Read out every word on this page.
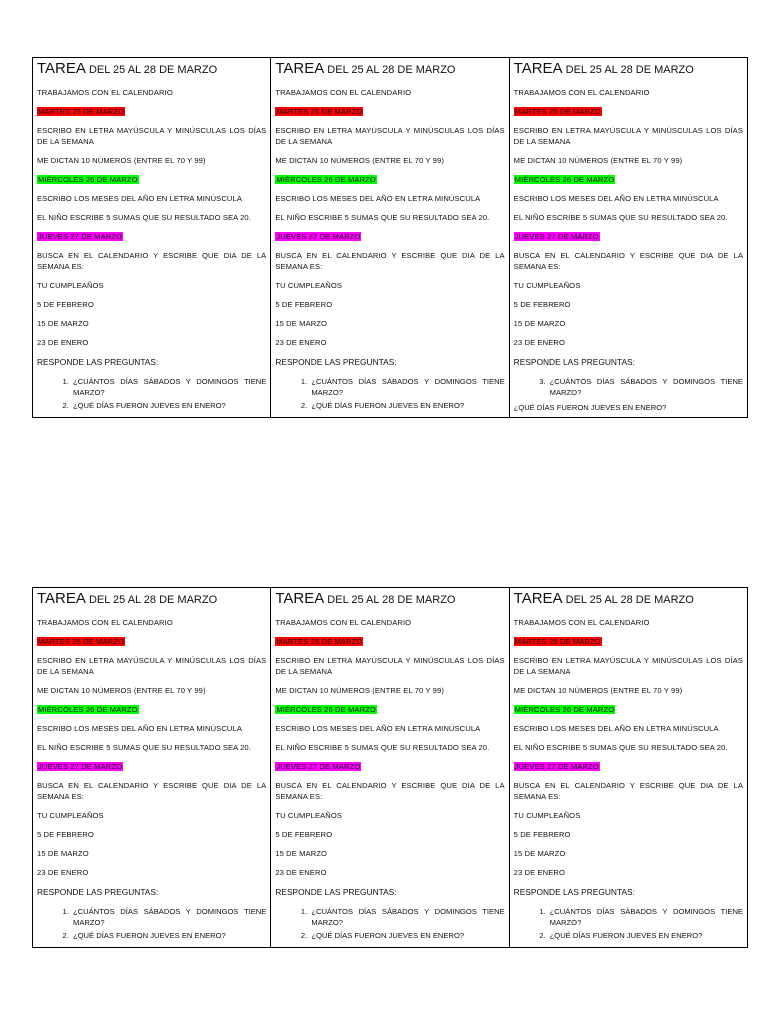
TAREA DEL 25 AL 28 DE MARZO
TRABAJAMOS CON EL CALENDARIO
MARTES 25 DE MARZO
ESCRIBO EN LETRA MAYÚSCULA Y MINÚSCULAS LOS DÍAS DE LA SEMANA
ME DICTAN 10 NÚMEROS (ENTRE EL 70 Y 99)
MIÉRCOLES 26 DE MARZO
ESCRIBO LOS MESES DEL AÑO EN LETRA MINÚSCULA
EL NIÑO ESCRIBE 5 SUMAS QUE SU RESULTADO SEA 20.
JUEVES 27 DE MARZO
BUSCA EN EL CALENDARIO Y ESCRIBE QUE DIA DE LA SEMANA ES:
TU CUMPLEAÑOS
5 DE FEBRERO
15 DE MARZO
23 DE ENERO
RESPONDE LAS PREGUNTAS:
1. ¿CUÁNTOS DÍAS SÁBADOS Y DOMINGOS TIENE MARZO?
2. ¿QUÉ DÍAS FUERON JUEVES EN ENERO?

TAREA DEL 25 AL 28 DE MARZO
TRABAJAMOS CON EL CALENDARIO
MARTES 25 DE MARZO
ESCRIBO EN LETRA MAYÚSCULA Y MINÚSCULAS LOS DÍAS DE LA SEMANA
ME DICTAN 10 NÚMEROS (ENTRE EL 70 Y 99)
MIÉRCOLES 26 DE MARZO
ESCRIBO LOS MESES DEL AÑO EN LETRA MINÚSCULA
EL NIÑO ESCRIBE 5 SUMAS QUE SU RESULTADO SEA 20.
JUEVES 27 DE MARZO
BUSCA EN EL CALENDARIO Y ESCRIBE QUE DIA DE LA SEMANA ES:
TU CUMPLEAÑOS
5 DE FEBRERO
15 DE MARZO
23 DE ENERO
RESPONDE LAS PREGUNTAS:
1. ¿CUÁNTOS DÍAS SÁBADOS Y DOMINGOS TIENE MARZO?
2. ¿QUÉ DÍAS FUERON JUEVES EN ENERO?

TAREA DEL 25 AL 28 DE MARZO
TRABAJAMOS CON EL CALENDARIO
MARTES 25 DE MARZO
ESCRIBO EN LETRA MAYÚSCULA Y MINÚSCULAS LOS DÍAS DE LA SEMANA
ME DICTAN 10 NÚMEROS (ENTRE EL 70 Y 99)
MIÉRCOLES 26 DE MARZO
ESCRIBO LOS MESES DEL AÑO EN LETRA MINÚSCULA
EL NIÑO ESCRIBE 5 SUMAS QUE SU RESULTADO SEA 20.
JUEVES 27 DE MARZO
BUSCA EN EL CALENDARIO Y ESCRIBE QUE DIA DE LA SEMANA ES:
TU CUMPLEAÑOS
5 DE FEBRERO
15 DE MARZO
23 DE ENERO
RESPONDE LAS PREGUNTAS:
3. ¿CUÁNTOS DÍAS SÁBADOS Y DOMINGOS TIENE MARZO?
¿QUÉ DÍAS FUERON JUEVES EN ENERO?
TAREA DEL 25 AL 28 DE MARZO
TRABAJAMOS CON EL CALENDARIO
MARTES 25 DE MARZO
ESCRIBO EN LETRA MAYÚSCULA Y MINÚSCULAS LOS DÍAS DE LA SEMANA
ME DICTAN 10 NÚMEROS (ENTRE EL 70 Y 99)
MIÉRCOLES 26 DE MARZO
ESCRIBO LOS MESES DEL AÑO EN LETRA MINÚSCULA
EL NIÑO ESCRIBE 5 SUMAS QUE SU RESULTADO SEA 20.
JUEVES 27 DE MARZO
BUSCA EN EL CALENDARIO Y ESCRIBE QUE DIA DE LA SEMANA ES:
TU CUMPLEAÑOS
5 DE FEBRERO
15 DE MARZO
23 DE ENERO
RESPONDE LAS PREGUNTAS:
1. ¿CUÁNTOS DÍAS SÁBADOS Y DOMINGOS TIENE MARZO?
2. ¿QUÉ DÍAS FUERON JUEVES EN ENERO?

TAREA DEL 25 AL 28 DE MARZO
TRABAJAMOS CON EL CALENDARIO
MARTES 25 DE MARZO
ESCRIBO EN LETRA MAYÚSCULA Y MINÚSCULAS LOS DÍAS DE LA SEMANA
ME DICTAN 10 NÚMEROS (ENTRE EL 70 Y 99)
MIÉRCOLES 26 DE MARZO
ESCRIBO LOS MESES DEL AÑO EN LETRA MINÚSCULA
EL NIÑO ESCRIBE 5 SUMAS QUE SU RESULTADO SEA 20.
JUEVES 27 DE MARZO
BUSCA EN EL CALENDARIO Y ESCRIBE QUE DIA DE LA SEMANA ES:
TU CUMPLEAÑOS
5 DE FEBRERO
15 DE MARZO
23 DE ENERO
RESPONDE LAS PREGUNTAS:
1. ¿CUÁNTOS DÍAS SÁBADOS Y DOMINGOS TIENE MARZO?
2. ¿QUÉ DÍAS FUERON JUEVES EN ENERO?

TAREA DEL 25 AL 28 DE MARZO
TRABAJAMOS CON EL CALENDARIO
MARTES 25 DE MARZO
ESCRIBO EN LETRA MAYÚSCULA Y MINÚSCULAS LOS DÍAS DE LA SEMANA
ME DICTAN 10 NÚMEROS (ENTRE EL 70 Y 99)
MIÉRCOLES 26 DE MARZO
ESCRIBO LOS MESES DEL AÑO EN LETRA MINÚSCULA
EL NIÑO ESCRIBE 5 SUMAS QUE SU RESULTADO SEA 20.
JUEVES 27 DE MARZO
BUSCA EN EL CALENDARIO Y ESCRIBE QUE DIA DE LA SEMANA ES:
TU CUMPLEAÑOS
5 DE FEBRERO
15 DE MARZO
23 DE ENERO
RESPONDE LAS PREGUNTAS:
1. ¿CUÁNTOS DÍAS SÁBADOS Y DOMINGOS TIENE MARZO?
2. ¿QUÉ DÍAS FUERON JUEVES EN ENERO?
